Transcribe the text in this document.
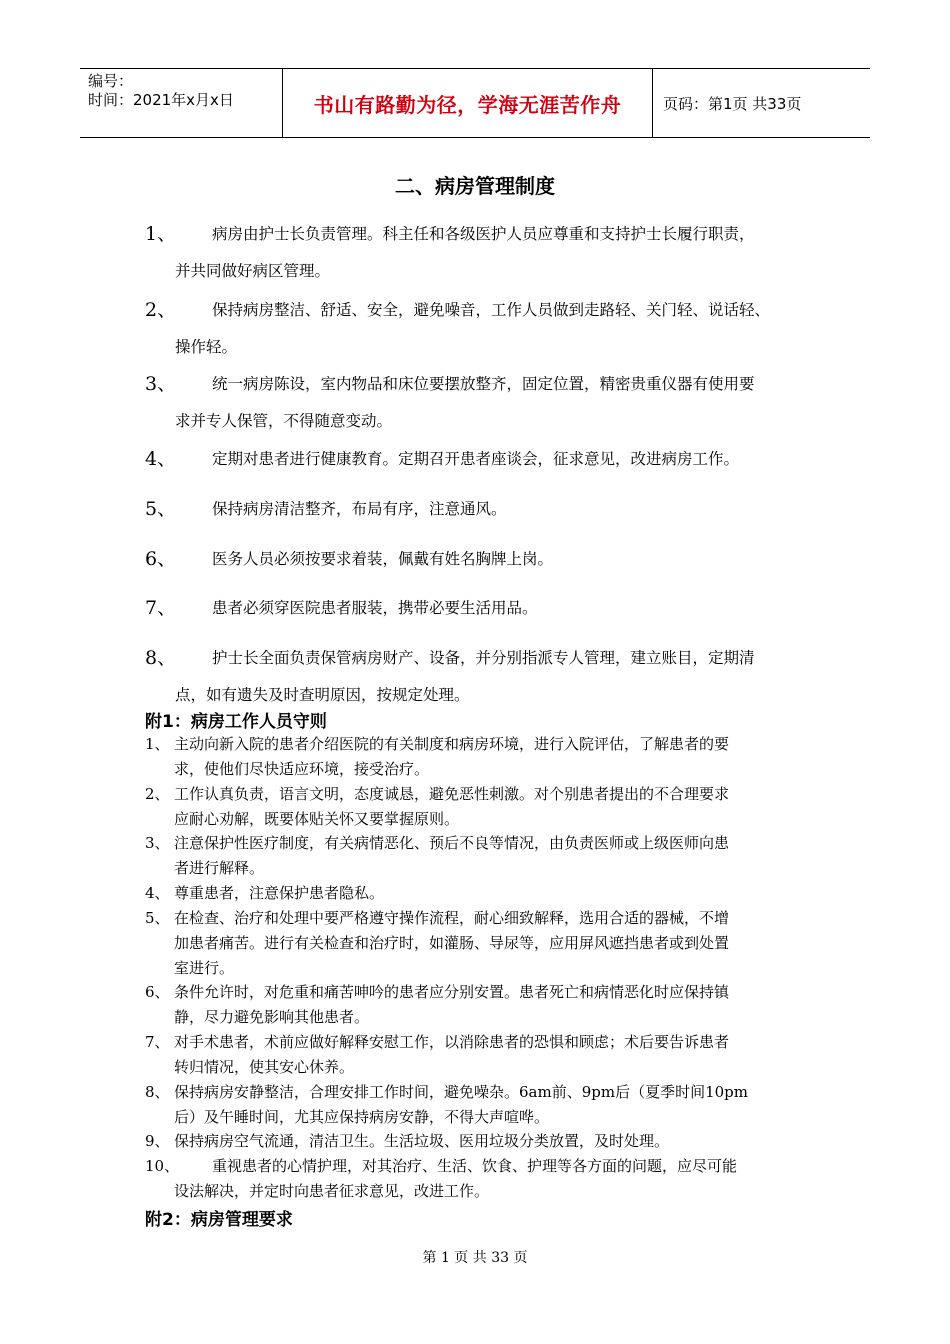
编号：
时间：2021年x月x日	书山有路勤为径，学海无涯苦作舟	页码：第1页 共33页
二、病房管理制度
1、	病房由护士长负责管理。科主任和各级医护人员应尊重和支持护士长履行职责，
并共同做好病区管理。
2、	保持病房整洁、舒适、安全，避免噪音，工作人员做到走路轻、关门轻、说话轻、
操作轻。
3、	统一病房陈设，室内物品和床位要摆放整齐，固定位置，精密贵重仪器有使用要
求并专人保管，不得随意变动。
4、	定期对患者进行健康教育。定期召开患者座谈会，征求意见，改进病房工作。
5、	保持病房清洁整齐，布局有序，注意通风。
6、	医务人员必须按要求着装，佩戴有姓名胸牌上岗。
7、	患者必须穿医院患者服装，携带必要生活用品。
8、	护士长全面负责保管病房财产、设备，并分别指派专人管理，建立账目，定期清
点，如有遗失及时查明原因，按规定处理。
附1：病房工作人员守则
1、 主动向新入院的患者介绍医院的有关制度和病房环境，进行入院评估，了解患者的要
求，使他们尽快适应环境，接受治疗。
2、 工作认真负责，语言文明，态度诚恳，避免恶性刺激。对个别患者提出的不合理要求
应耐心劝解，既要体贴关怀又要掌握原则。
3、 注意保护性医疗制度，有关病情恶化、预后不良等情况，由负责医师或上级医师向患
者进行解释。
4、 尊重患者，注意保护患者隐私。
5、 在检查、治疗和处理中要严格遵守操作流程，耐心细致解释，选用合适的器械，不增
加患者痛苦。进行有关检查和治疗时，如灌肠、导尿等，应用屏风遮挡患者或到处置
室进行。
6、 条件允许时，对危重和痛苦呻吟的患者应分别安置。患者死亡和病情恶化时应保持镇
静，尽力避免影响其他患者。
7、 对手术患者，术前应做好解释安慰工作，以消除患者的恐惧和顾虑；术后要告诉患者
转归情况，使其安心休养。
8、 保持病房安静整洁，合理安排工作时间，避免噪杂。6am前、9pm后（夏季时间10pm
后）及午睡时间，尤其应保持病房安静，不得大声喧哗。
9、 保持病房空气流通，清洁卫生。生活垃圾、医用垃圾分类放置，及时处理。
10、	重视患者的心情护理，对其治疗、生活、饮食、护理等各方面的问题，应尽可能
设法解决，并定时向患者征求意见，改进工作。
附2：病房管理要求
第 1 页 共 33 页
